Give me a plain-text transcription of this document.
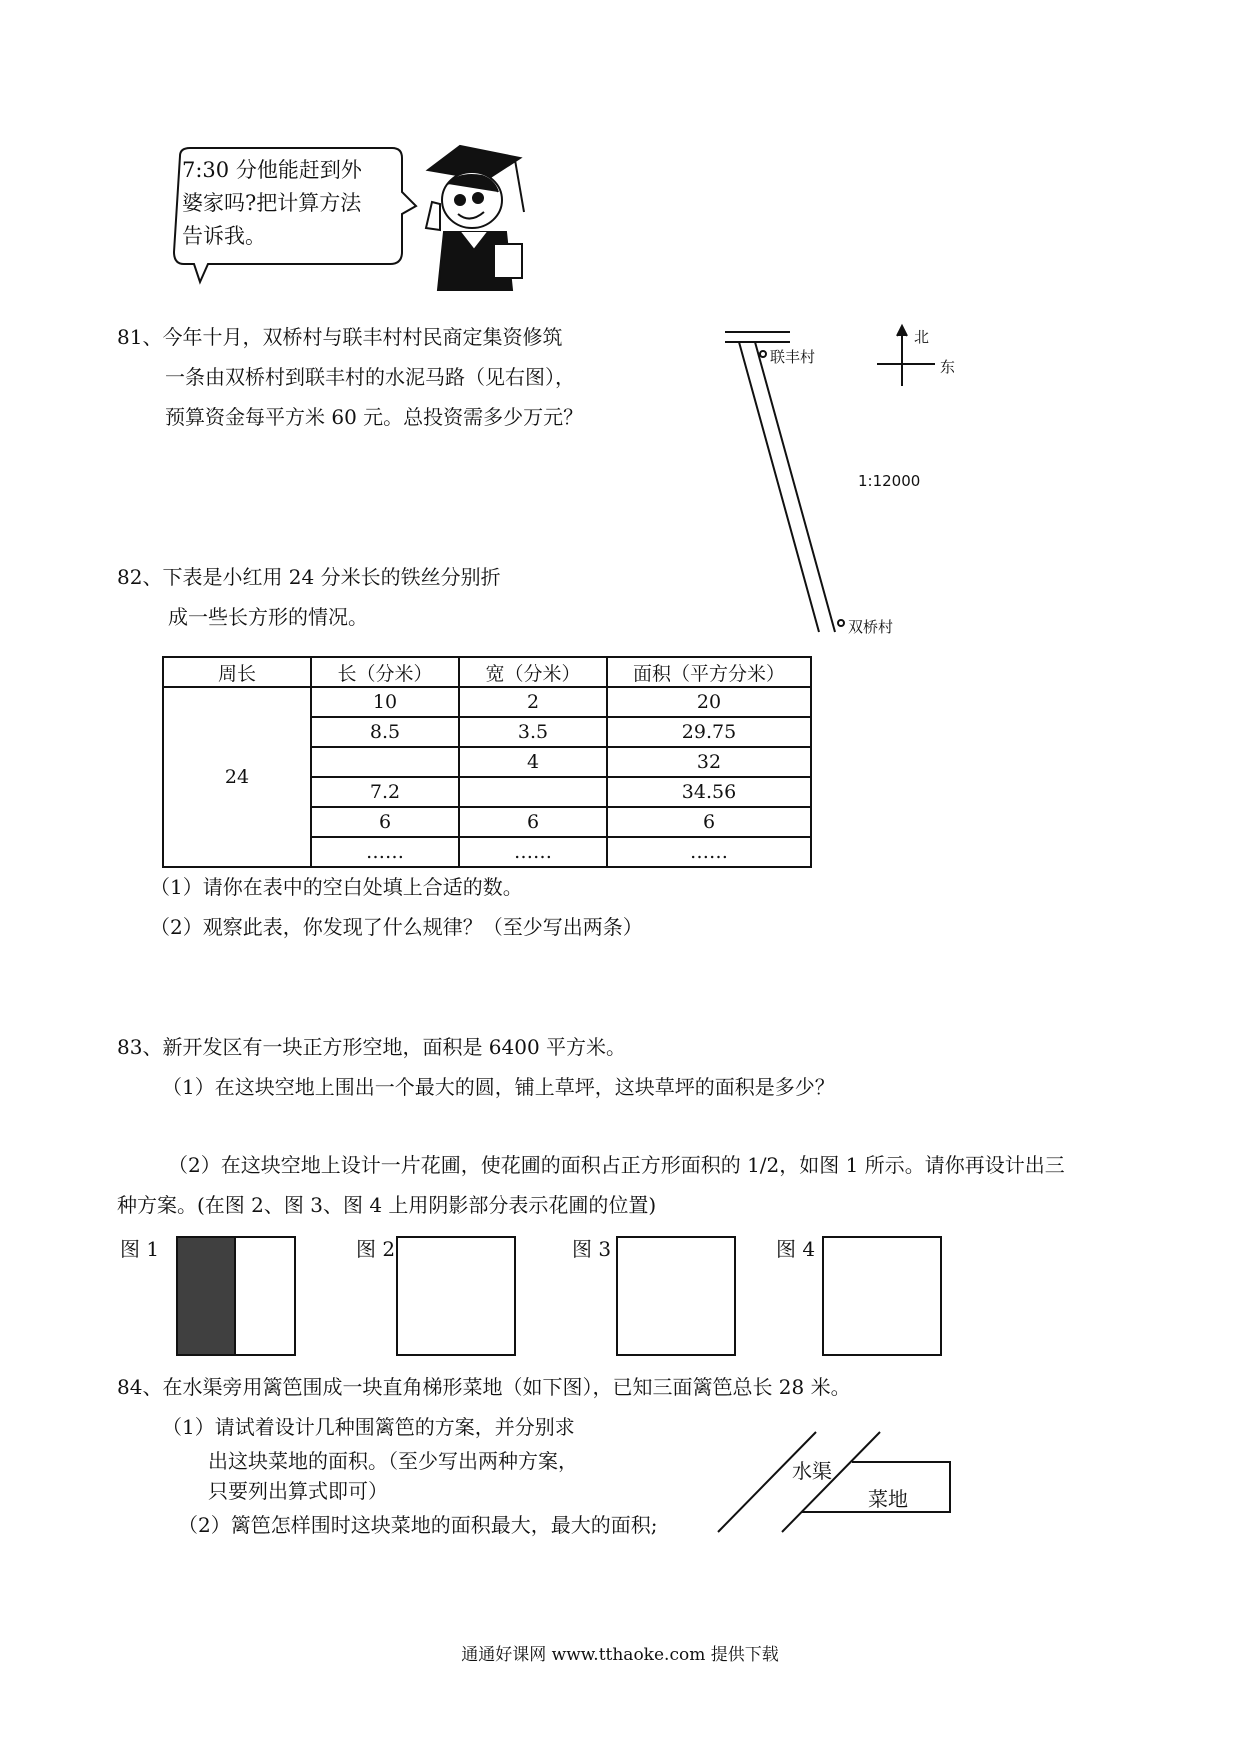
7:30 分他能赶到外
婆家吗?把计算方法
告诉我。
81、今年十月，双桥村与联丰村村民商定集资修筑
一条由双桥村到联丰村的水泥马路（见右图），
预算资金每平方米 60 元。总投资需多少万元？
北
东
联丰村
双桥村
1:12000
82、下表是小红用 24 分米长的铁丝分别折
成一些长方形的情况。
周长	长（分米）	宽（分米）	面积（平方分米）
24	10	2	20
	8.5	3.5	29.75
		4	32
	7.2		34.56
	6	6	6
	……	……	……
（1）请你在表中的空白处填上合适的数。
（2）观察此表，你发现了什么规律？（至少写出两条）
83、新开发区有一块正方形空地，面积是 6400 平方米。
（1）在这块空地上围出一个最大的圆，铺上草坪，这块草坪的面积是多少？
（2）在这块空地上设计一片花圃，使花圃的面积占正方形面积的 1/2，如图 1 所示。请你再设计出三
种方案。(在图 2、图 3、图 4 上用阴影部分表示花圃的位置)
图 1	图 2	图 3	图 4
84、在水渠旁用篱笆围成一块直角梯形菜地（如下图），已知三面篱笆总长 28 米。
（1）请试着设计几种围篱笆的方案，并分别求
出这块菜地的面积。（至少写出两种方案，
只要列出算式即可）
（2）篱笆怎样围时这块菜地的面积最大，最大的面积;
水渠
菜地
通通好课网 www.tthaoke.com 提供下载
